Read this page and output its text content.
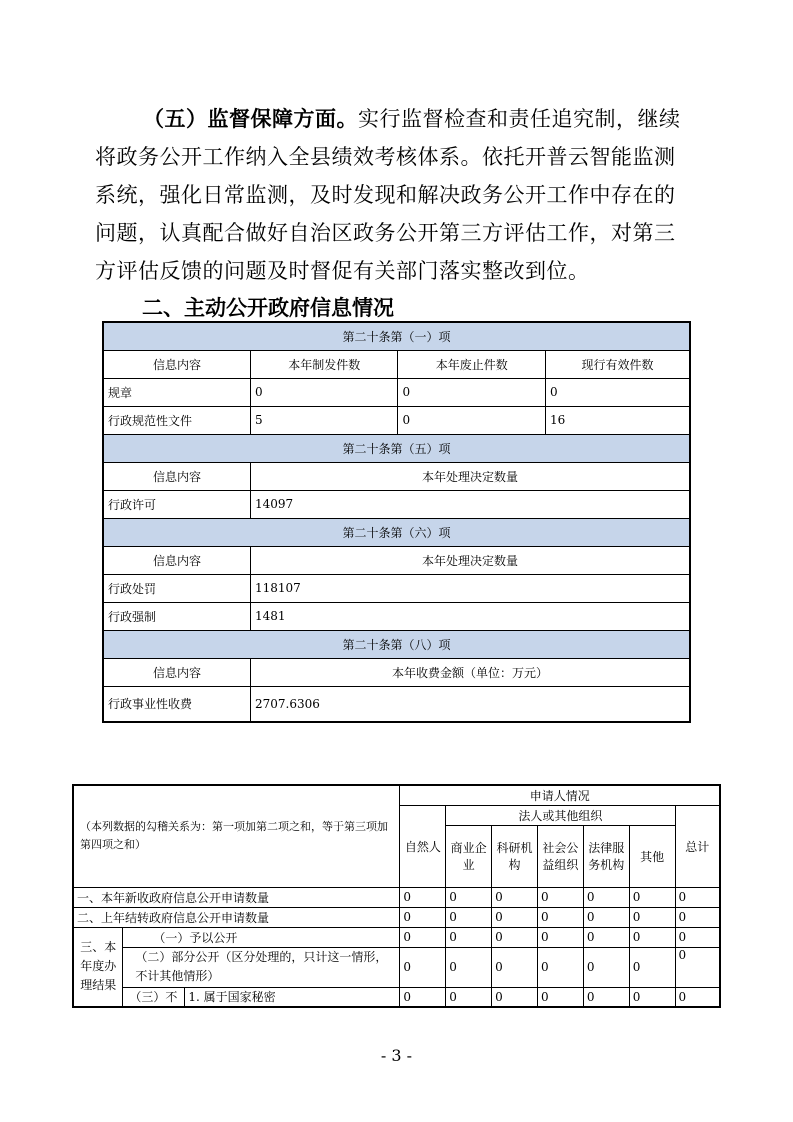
（五）监督保障方面。实行监督检查和责任追究制，继续将政务公开工作纳入全县绩效考核体系。依托开普云智能监测系统，强化日常监测，及时发现和解决政务公开工作中存在的问题，认真配合做好自治区政务公开第三方评估工作，对第三方评估反馈的问题及时督促有关部门落实整改到位。
二、主动公开政府信息情况
第二十条第（一）项			
信息内容	本年制发件数	本年废止件数	现行有效件数
规章	0	0	0
行政规范性文件	5	0	16
第二十条第（五）项			
信息内容	本年处理决定数量		
行政许可	14097		
第二十条第（六）项			
信息内容	本年处理决定数量		
行政处罚	118107		
行政强制	1481		
第二十条第（八）项			
信息内容	本年收费金额（单位：万元）		
行政事业性收费	2707.6306		
（本列数据的勾稽关系为：第一项加第二项之和，等于第三项加第四项之和）			申请人情况						
			自然人	法人或其他组织					总计
				商业企业	科研机构	社会公益组织	法律服务机构	其他	
一、本年新收政府信息公开申请数量			0	0	0	0	0	0	0
二、上年结转政府信息公开申请数量			0	0	0	0	0	0	0
三、本年度办理结果	（一）予以公开		0	0	0	0	0	0	0
	（二）部分公开（区分处理的，只计这一情形，不计其他情形）		0	0	0	0	0	0	0
	（三）不	1. 属于国家秘密	0	0	0	0	0	0	0
- 3 -
